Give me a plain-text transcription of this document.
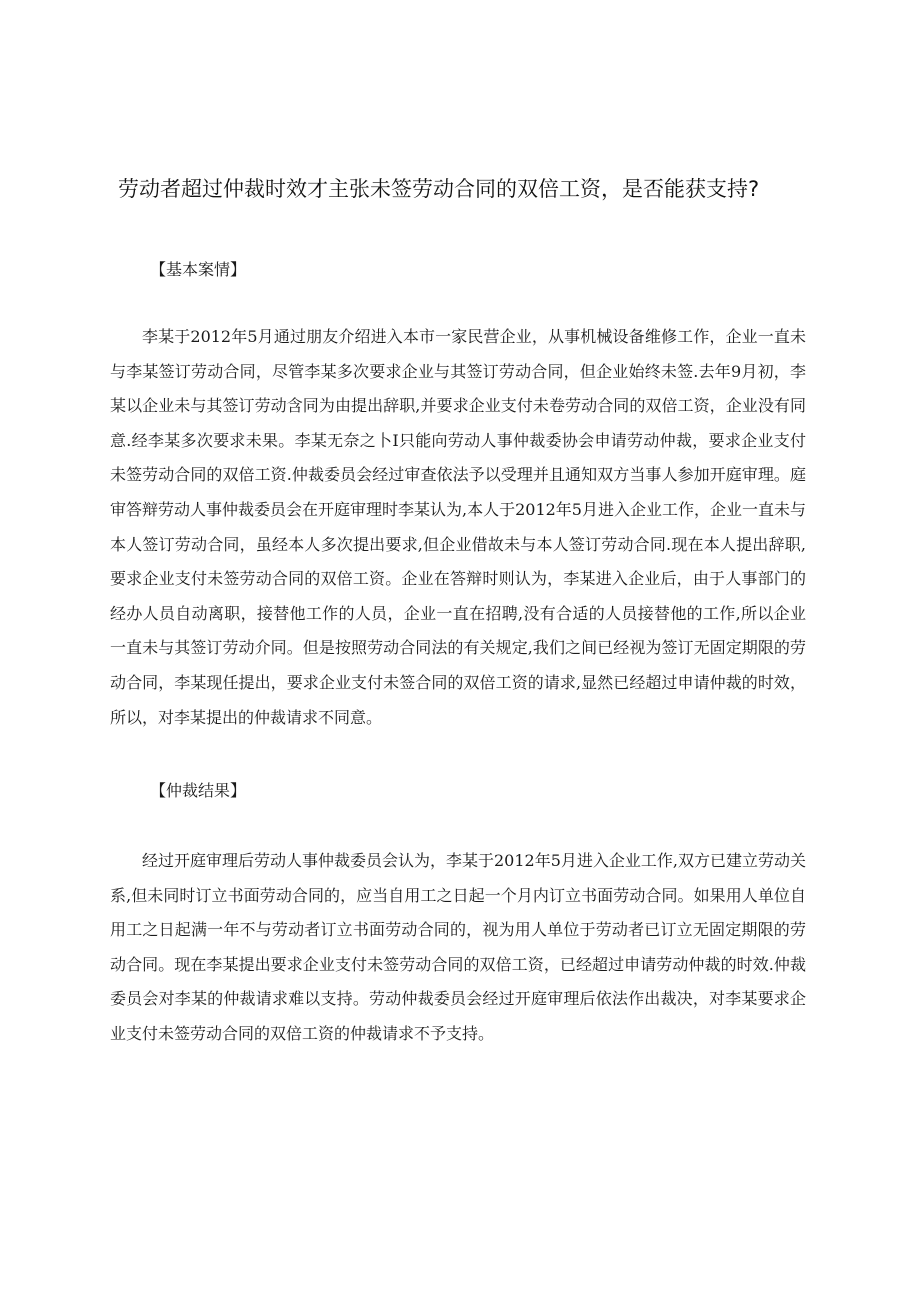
劳动者超过仲裁时效才主张未签劳动合同的双倍工资，是否能获支持?
【基本案情】

李某于2012年5月通过朋友介绍进入本市一家民营企业，从事机械设备维修工作，企业一直未与李某签订劳动合同，尽管李某多次要求企业与其签订劳动合同，但企业始终未签.去年9月初，李某以企业未与其签订劳动含同为由提出辞职,并要求企业支付未卷劳动合同的双倍工资，企业没有同意.经李某多次要求未果。李某无奈之卜I只能向劳动人事仲裁委协会申请劳动仲裁，要求企业支付未签劳动合同的双倍工资.仲裁委员会经过审查依法予以受理并且通知双方当事人参加开庭审理。庭审答辩劳动人事仲裁委员会在开庭审理时李某认为,本人于2012年5月进入企业工作，企业一直未与本人签订劳动合同，虽经本人多次提出要求,但企业借故未与本人签订劳动合同.现在本人提出辞职,要求企业支付未签劳动合同的双倍工资。企业在答辩时则认为，李某进入企业后，由于人事部门的经办人员自动离职，接替他工作的人员，企业一直在招聘,没有合适的人员接替他的工作,所以企业一直未与其签订劳动介同。但是按照劳动合同法的有关规定,我们之间已经视为签订无固定期限的劳动合同，李某现任提出，要求企业支付未签合同的双倍工资的请求,显然已经超过申请仲裁的时效，所以，对李某提出的仲裁请求不同意。

【仲裁结果】

经过开庭审理后劳动人事仲裁委员会认为，李某于2012年5月进入企业工作,双方已建立劳动关系,但未同时订立书面劳动合同的，应当自用工之日起一个月内订立书面劳动合同。如果用人单位自用工之日起满一年不与劳动者订立书面劳动合同的，视为用人单位于劳动者已订立无固定期限的劳动合同。现在李某提出要求企业支付未签劳动合同的双倍工资，已经超过申请劳动仲裁的时效.仲裁委员会对李某的仲裁请求难以支持。劳动仲裁委员会经过开庭审理后依法作出裁决，对李某要求企业支付未签劳动合同的双倍工资的仲裁请求不予支持。
